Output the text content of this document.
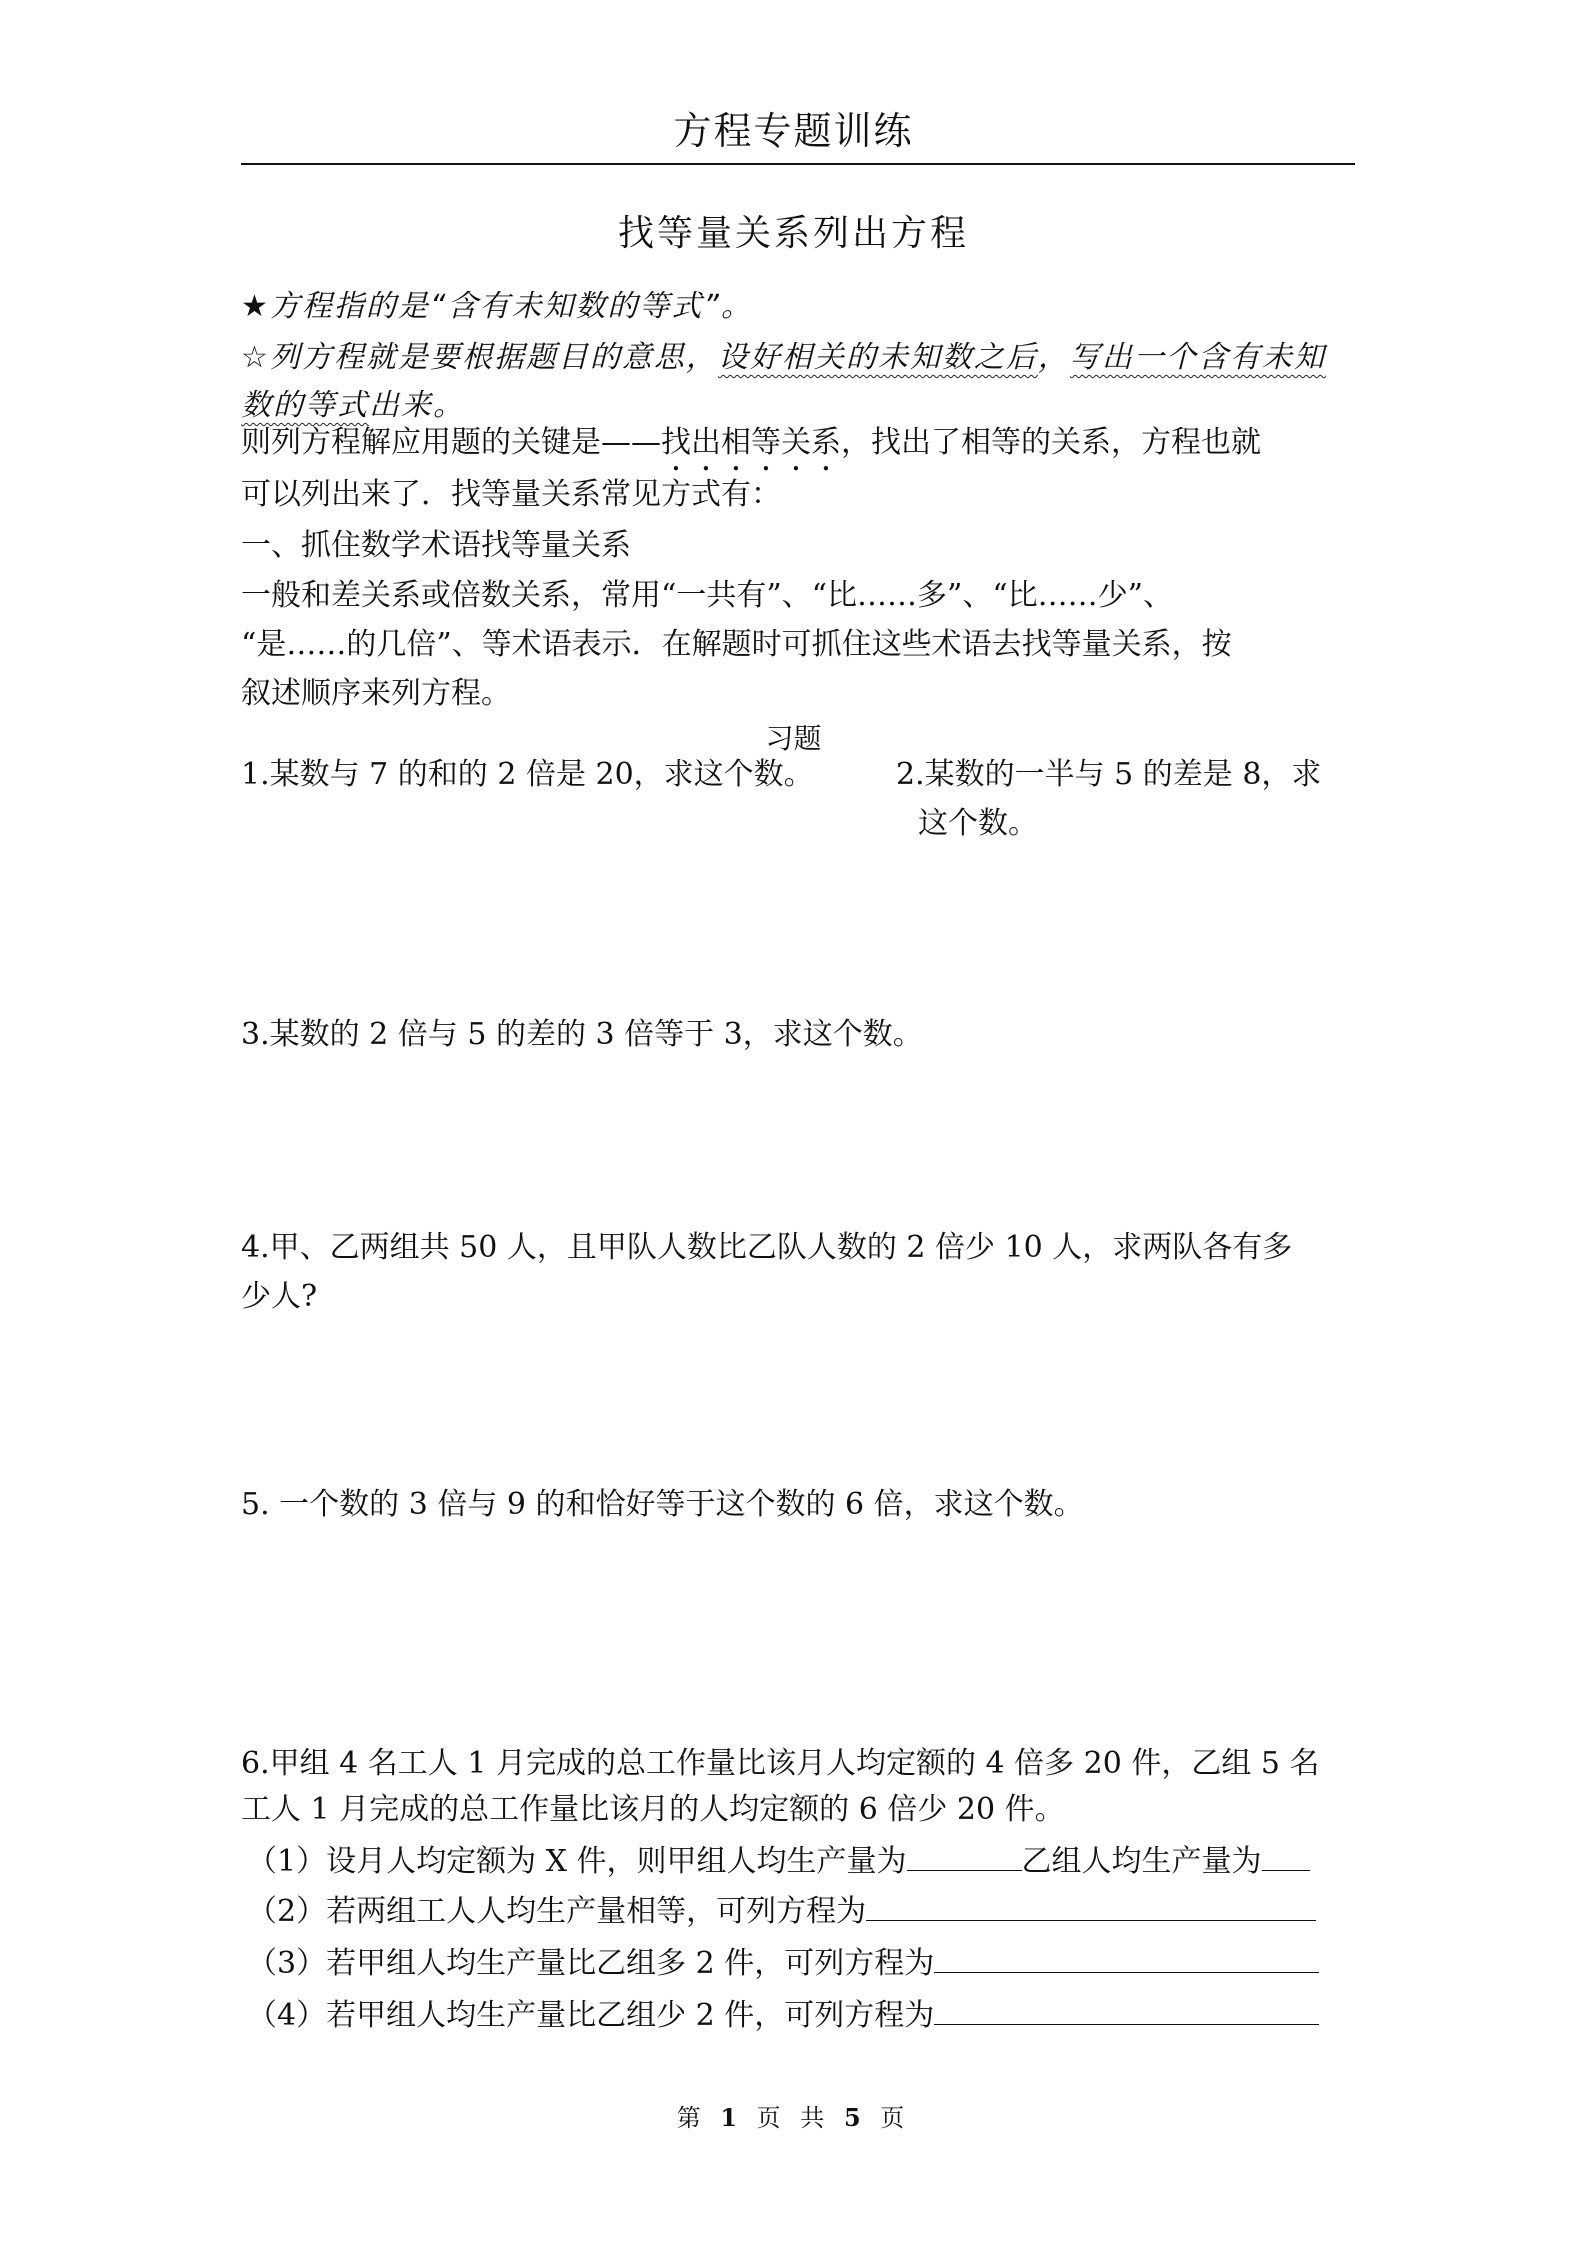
方程专题训练
找等量关系列出方程
★方程指的是“含有未知数的等式”。
☆列方程就是要根据题目的意思，设好相关的未知数之后，写出一个含有未知
数的等式出来。
则列方程解应用题的关键是——找出相等关系，找出了相等的关系，方程也就
可以列出来了．找等量关系常见方式有：
一、抓住数学术语找等量关系
一般和差关系或倍数关系，常用“一共有”、“比……多”、“比……少”、
“是……的几倍”、等术语表示．在解题时可抓住这些术语去找等量关系，按
叙述顺序来列方程。
习题
1.某数与 7 的和的 2 倍是 20，求这个数。	2.某数的一半与 5 的差是 8，求
这个数。
3.某数的 2 倍与 5 的差的 3 倍等于 3，求这个数。
4.甲、乙两组共 50 人，且甲队人数比乙队人数的 2 倍少 10 人，求两队各有多
少人?
5. 一个数的 3 倍与 9 的和恰好等于这个数的 6 倍，求这个数。
6.甲组 4 名工人 1 月完成的总工作量比该月人均定额的 4 倍多 20 件，乙组 5 名
工人 1 月完成的总工作量比该月的人均定额的 6 倍少 20 件。
（1）设月人均定额为 X 件，则甲组人均生产量为	乙组人均生产量为
（2）若两组工人人均生产量相等，可列方程为
（3）若甲组人均生产量比乙组多 2 件，可列方程为
（4）若甲组人均生产量比乙组少 2 件，可列方程为
第 1 页 共 5 页
